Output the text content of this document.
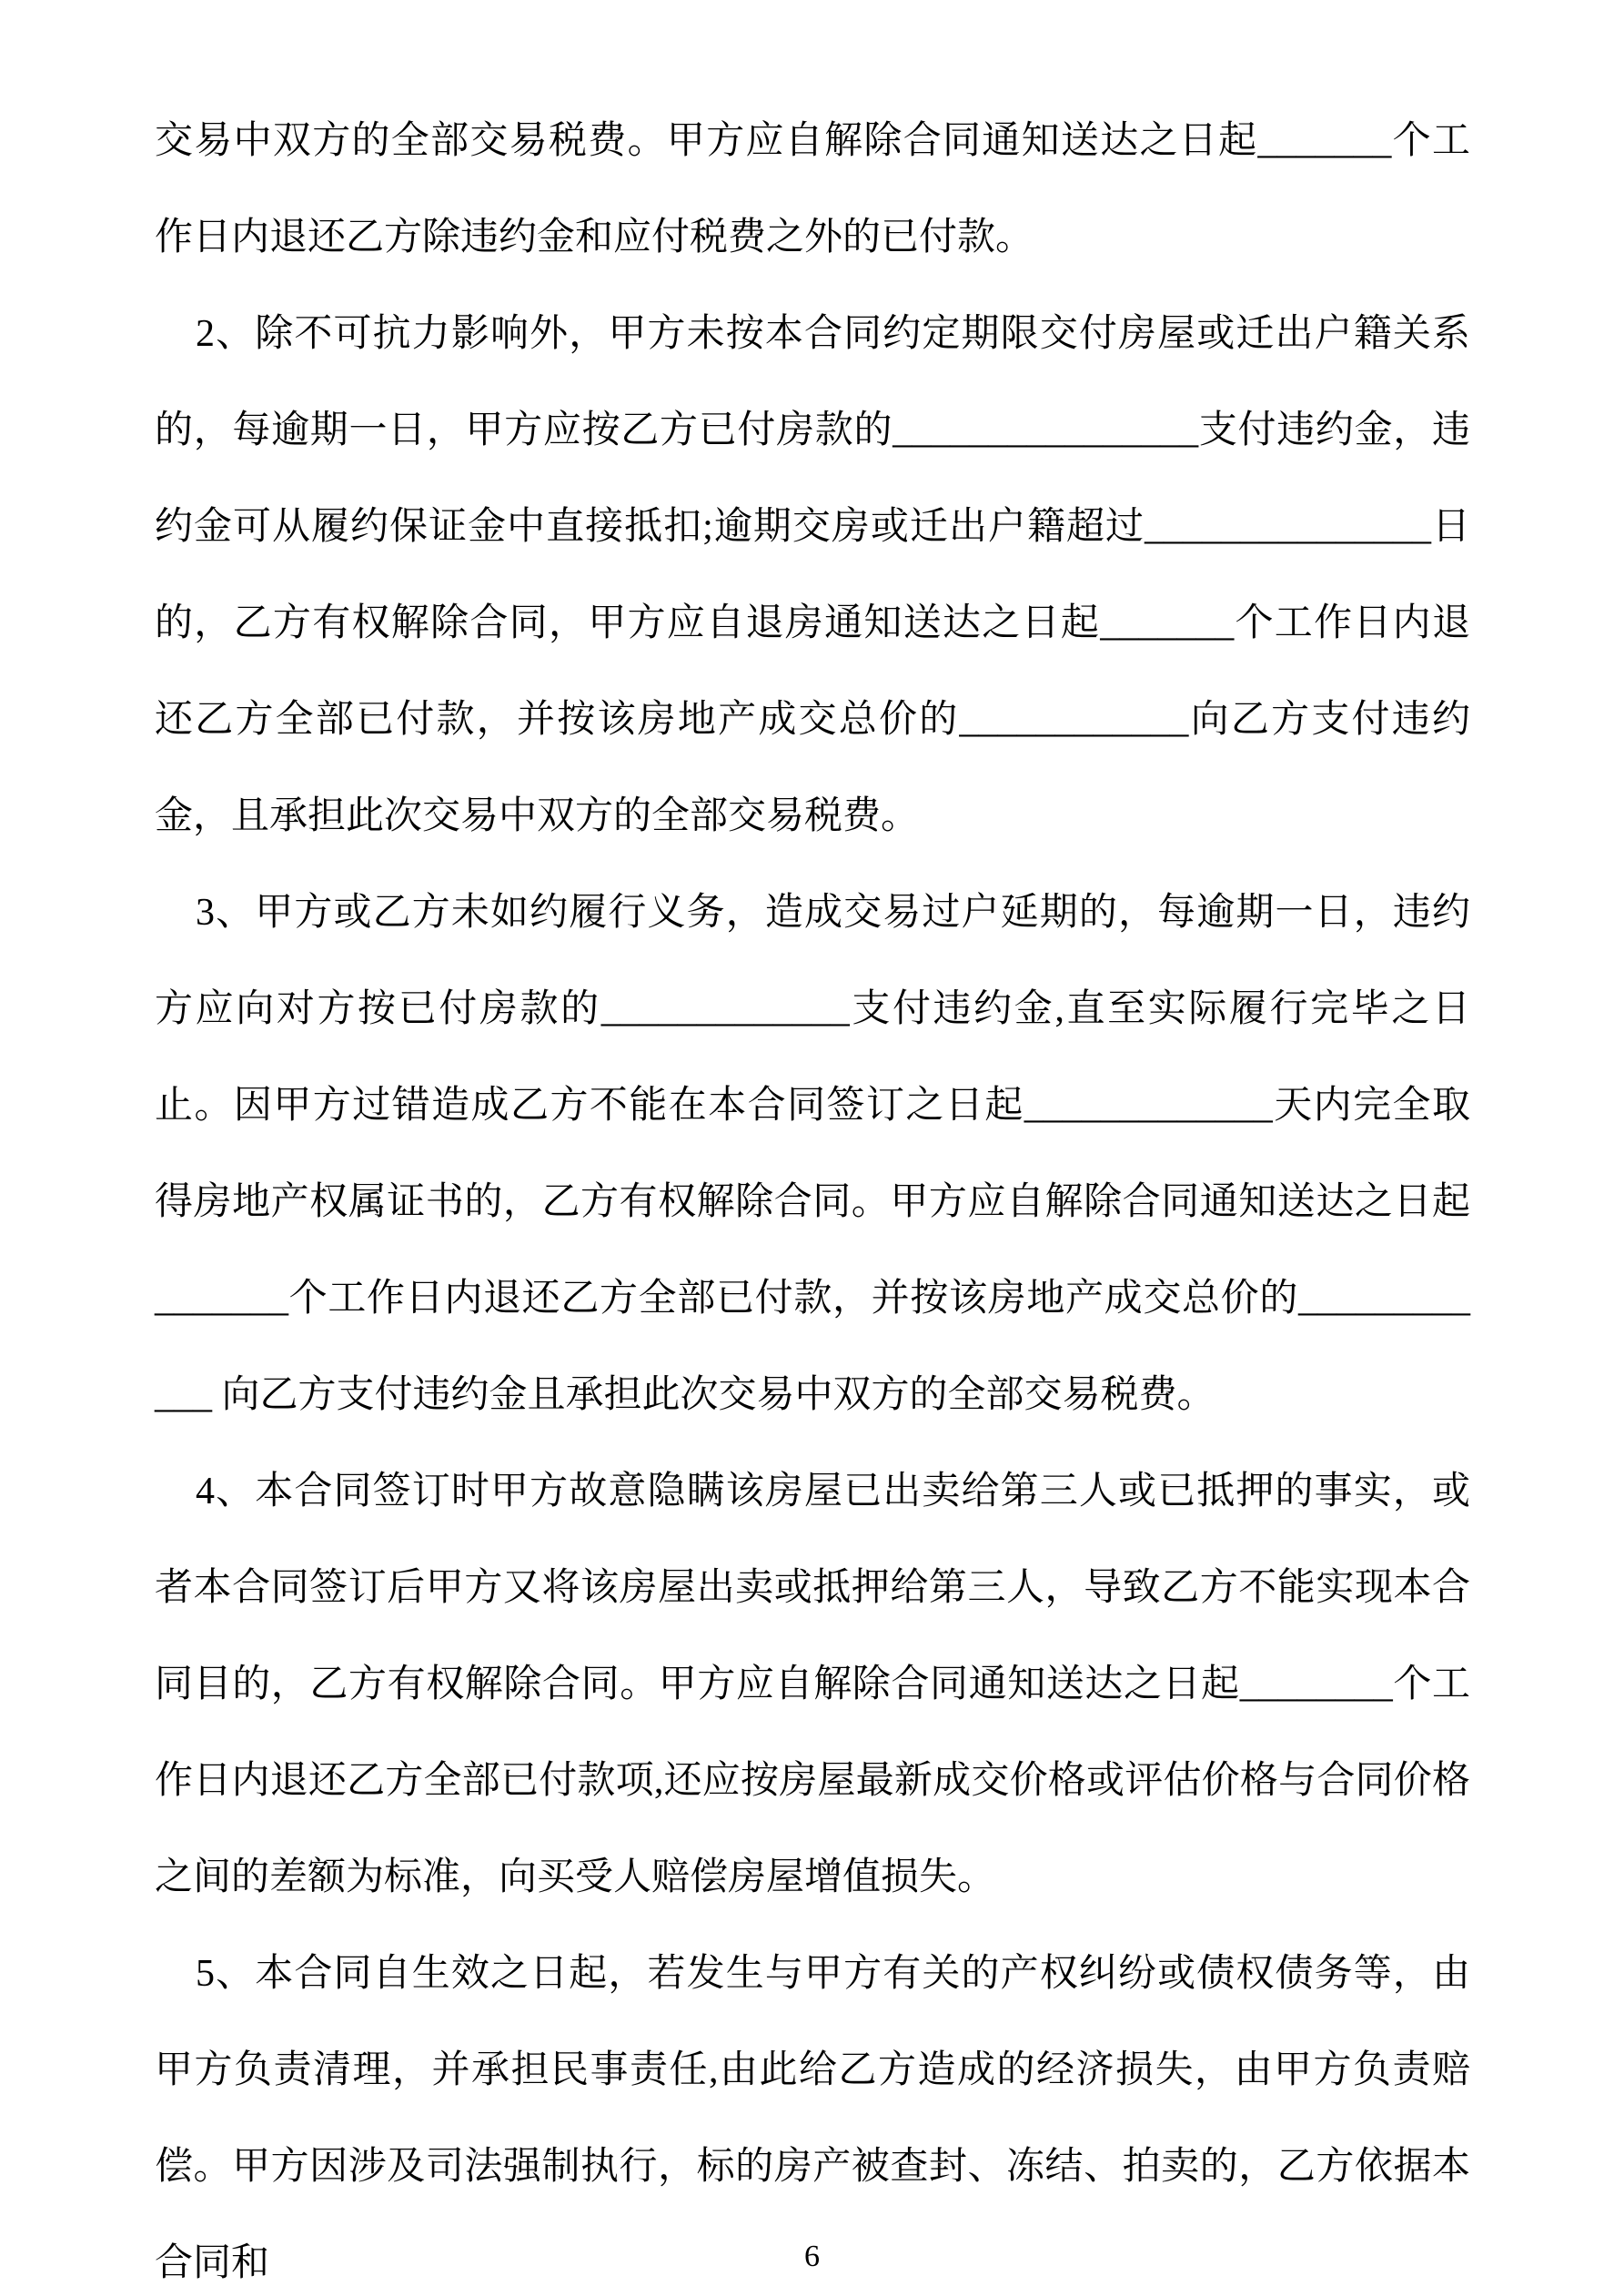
交易中双方的全部交易税费。甲方应自解除合同通知送达之日起_______个工作日内退还乙方除违约金和应付税费之外的已付款。

2、除不可抗力影响外，甲方未按本合同约定期限交付房屋或迁出户籍关系的，每逾期一日，甲方应按乙方已付房款的________________支付违约金，违约金可从履约保证金中直接抵扣;逾期交房或迁出户籍超过_______________日的，乙方有权解除合同，甲方应自退房通知送达之日起_______个工作日内退还乙方全部已付款，并按该房地产成交总价的____________向乙方支付违约金，且承担此次交易中双方的全部交易税费。

3、甲方或乙方未如约履行义务，造成交易过户延期的，每逾期一日，违约方应向对方按已付房款的_____________支付违约金,直至实际履行完毕之日止。因甲方过错造成乙方不能在本合同签订之日起_____________天内完全取得房地产权属证书的，乙方有权解除合同。甲方应自解除合同通知送达之日起_______个工作日内退还乙方全部已付款，并按该房地产成交总价的____________ 向乙方支付违约金且承担此次交易中双方的全部交易税费。

4、本合同签订时甲方故意隐瞒该房屋已出卖给第三人或已抵押的事实，或者本合同签订后甲方又将该房屋出卖或抵押给第三人，导致乙方不能实现本合同目的，乙方有权解除合同。甲方应自解除合同通知送达之日起________个工作日内退还乙方全部已付款项,还应按房屋最新成交价格或评估价格与合同价格之间的差额为标准，向买受人赔偿房屋增值损失。

5、本合同自生效之日起，若发生与甲方有关的产权纠纷或债权债务等，由甲方负责清理，并承担民事责任,由此给乙方造成的经济损失，由甲方负责赔偿。甲方因涉及司法强制执行，标的房产被查封、冻结、拍卖的，乙方依据本合同和	6
